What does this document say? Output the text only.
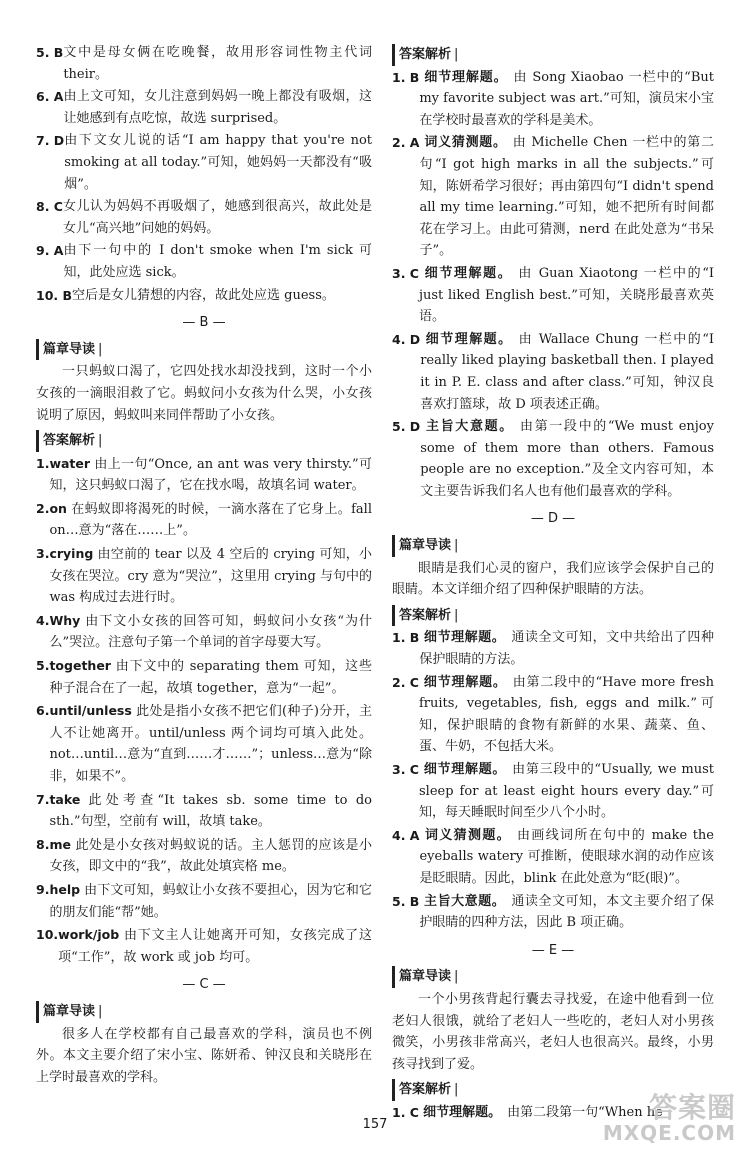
5. B 文中是母女俩在吃晚餐，故用形容词性物主代词 their。
6. A 由上文可知，女儿注意到妈妈一晚上都没有吸烟，这让她感到有点吃惊，故选 surprised。
7. D 由下文女儿说的话“I am happy that you're not smoking at all today.”可知，她妈妈一天都没有“吸烟”。
8. C 女儿认为妈妈不再吸烟了，她感到很高兴，故此处是女儿“高兴地”问她的妈妈。
9. A 由下一句中的 I don't smoke when I'm sick 可知，此处应选 sick。
10. B 空后是女儿猜想的内容，故此处应选 guess。
— B —
篇章导读 |
一只蚂蚁口渴了，它四处找水却没找到，这时一个小女孩的一滴眼泪救了它。蚂蚁问小女孩为什么哭，小女孩说明了原因，蚂蚁叫来同伴帮助了小女孩。
答案解析 |
1. water 由上一句“Once, an ant was very thirsty.”可知，这只蚂蚁口渴了，它在找水喝，故填名词 water。
2. on 在蚂蚁即将渴死的时候，一滴水落在了它身上。fall on…意为“落在……上”。
3. crying 由空前的 tear 以及 4 空后的 crying 可知，小女孩在哭泣。cry 意为“哭泣”，这里用 crying 与句中的 was 构成过去进行时。
4. Why 由下文小女孩的回答可知，蚂蚁问小女孩“为什么”哭泣。注意句子第一个单词的首字母要大写。
5. together 由下文中的 separating them 可知，这些种子混合在了一起，故填 together，意为“一起”。
6. until/unless 此处是指小女孩不把它们(种子)分开，主人不让她离开。until/unless 两个词均可填入此处。not…until…意为“直到……才……”；unless…意为“除非，如果不”。
7. take 此处考查“It takes sb. some time to do sth.”句型，空前有 will，故填 take。
8. me 此处是小女孩对蚂蚁说的话。主人惩罚的应该是小女孩，即文中的“我”，故此处填宾格 me。
9. help 由下文可知，蚂蚁让小女孩不要担心，因为它和它的朋友们能“帮”她。
10. work/job 由下文主人让她离开可知，女孩完成了这项“工作”，故 work 或 job 均可。
— C —
篇章导读 |
很多人在学校都有自己最喜欢的学科，演员也不例外。本文主要介绍了宋小宝、陈妍希、钟汉良和关晓彤在上学时最喜欢的学科。
答案解析 |
1. B 细节理解题。 由 Song Xiaobao 一栏中的“But my favorite subject was art.”可知，演员宋小宝在学校时最喜欢的学科是美术。
2. A 词义猜测题。 由 Michelle Chen 一栏中的第二句“I got high marks in all the subjects.”可知，陈妍希学习很好；再由第四句“I didn't spend all my time learning.”可知，她不把所有时间都花在学习上。由此可猜测，nerd 在此处意为“书呆子”。
3. C 细节理解题。 由 Guan Xiaotong 一栏中的“I just liked English best.”可知，关晓彤最喜欢英语。
4. D 细节理解题。 由 Wallace Chung 一栏中的“I really liked playing basketball then. I played it in P. E. class and after class.”可知，钟汉良喜欢打篮球，故 D 项表述正确。
5. D 主旨大意题。 由第一段中的“We must enjoy some of them more than others. Famous people are no exception.”及全文内容可知，本文主要告诉我们名人也有他们最喜欢的学科。
— D —
篇章导读 |
眼睛是我们心灵的窗户，我们应该学会保护自己的眼睛。本文详细介绍了四种保护眼睛的方法。
答案解析 |
1. B 细节理解题。 通读全文可知，文中共给出了四种保护眼睛的方法。
2. C 细节理解题。 由第二段中的“Have more fresh fruits, vegetables, fish, eggs and milk.”可知，保护眼睛的食物有新鲜的水果、蔬菜、鱼、蛋、牛奶，不包括大米。
3. C 细节理解题。 由第三段中的“Usually, we must sleep for at least eight hours every day.”可知，每天睡眠时间至少八个小时。
4. A 词义猜测题。 由画线词所在句中的 make the eyeballs watery 可推断，使眼球水润的动作应该是眨眼睛。因此，blink 在此处意为“眨(眼)”。
5. B 主旨大意题。 通读全文可知，本文主要介绍了保护眼睛的四种方法，因此 B 项正确。
— E —
篇章导读 |
一个小男孩背起行囊去寻找爱，在途中他看到一位老妇人很饿，就给了老妇人一些吃的，老妇人对小男孩微笑，小男孩非常高兴，老妇人也很高兴。最终，小男孩寻找到了爱。
答案解析 |
1. C 细节理解题。 由第二段第一句“When he
157
答案圈
MXQE.COM
